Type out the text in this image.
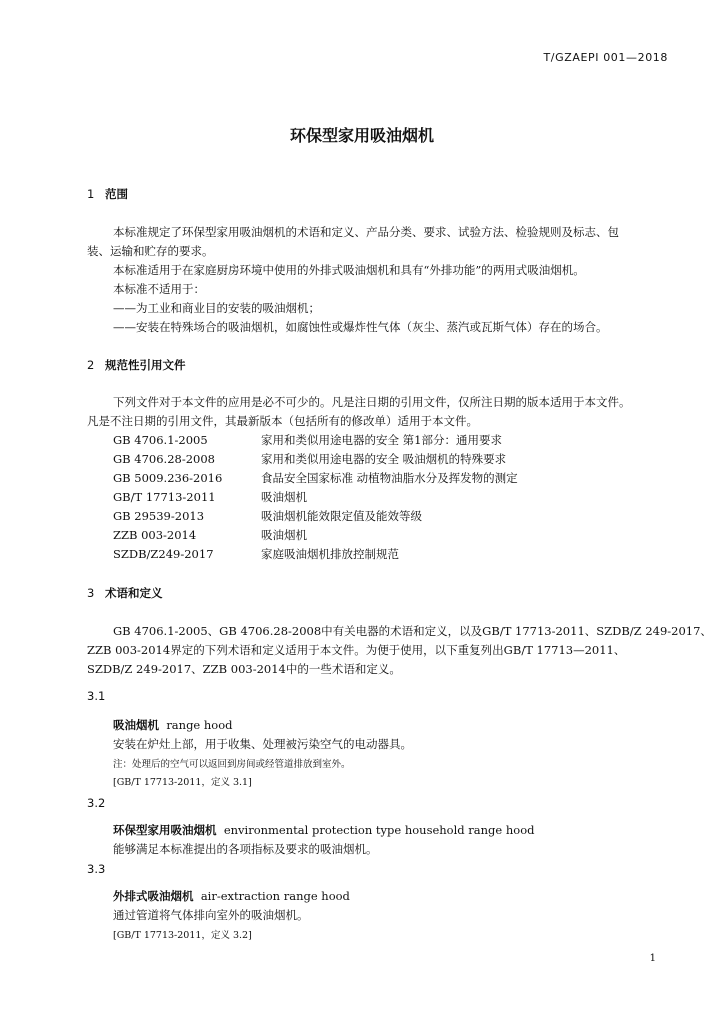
T/GZAEPI 001—2018
环保型家用吸油烟机
1 范围
本标准规定了环保型家用吸油烟机的术语和定义、产品分类、要求、试验方法、检验规则及标志、包
装、运输和贮存的要求。
本标准适用于在家庭厨房环境中使用的外排式吸油烟机和具有“外排功能”的两用式吸油烟机。
本标准不适用于：
——为工业和商业目的安装的吸油烟机；
——安装在特殊场合的吸油烟机，如腐蚀性或爆炸性气体（灰尘、蒸汽或瓦斯气体）存在的场合。
2 规范性引用文件
下列文件对于本文件的应用是必不可少的。凡是注日期的引用文件，仅所注日期的版本适用于本文件。
凡是不注日期的引用文件，其最新版本（包括所有的修改单）适用于本文件。
GB 4706.1-2005	家用和类似用途电器的安全 第1部分：通用要求
GB 4706.28-2008	家用和类似用途电器的安全 吸油烟机的特殊要求
GB 5009.236-2016	食品安全国家标准 动植物油脂水分及挥发物的测定
GB/T 17713-2011	吸油烟机
GB 29539-2013	吸油烟机能效限定值及能效等级
ZZB 003-2014	吸油烟机
SZDB/Z249-2017	家庭吸油烟机排放控制规范
3 术语和定义
GB 4706.1-2005、GB 4706.28-2008中有关电器的术语和定义，以及GB/T 17713-2011、SZDB/Z 249-2017、
ZZB 003-2014界定的下列术语和定义适用于本文件。为便于使用，以下重复列出GB/T 17713—2011、
SZDB/Z 249-2017、ZZB 003-2014中的一些术语和定义。
3.1
吸油烟机 range hood
安装在炉灶上部，用于收集、处理被污染空气的电动器具。
注：处理后的空气可以返回到房间或经管道排放到室外。
[GB/T 17713-2011，定义 3.1]
3.2
环保型家用吸油烟机 environmental protection type household range hood
能够满足本标准提出的各项指标及要求的吸油烟机。
3.3
外排式吸油烟机 air-extraction range hood
通过管道将气体排向室外的吸油烟机。
[GB/T 17713-2011，定义 3.2]
1
